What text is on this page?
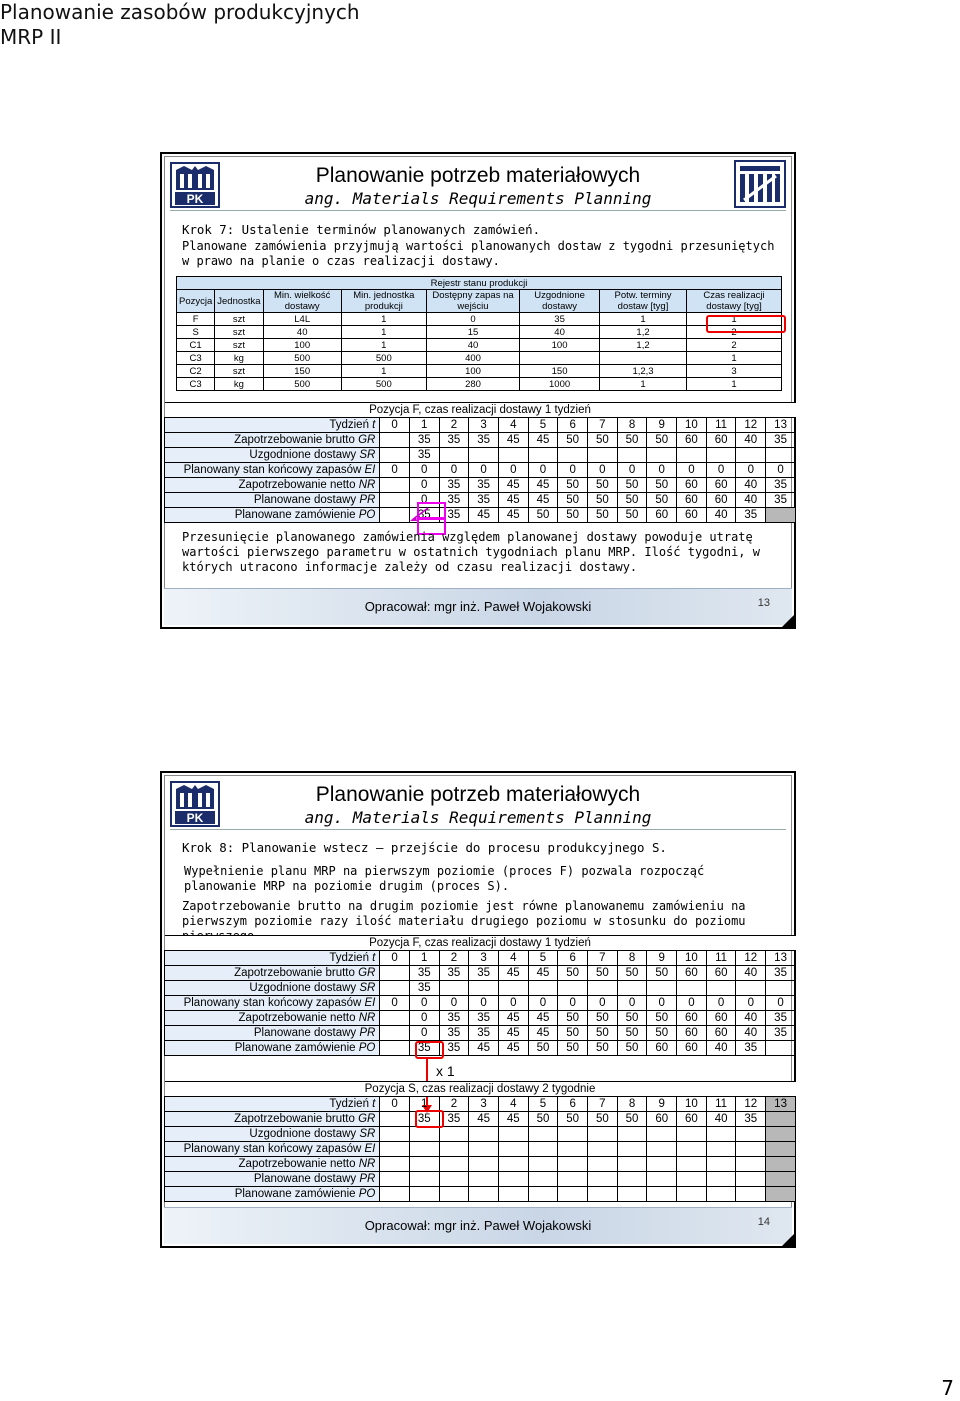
Planowanie zasobów produkcyjnych
MRP II
PK
Planowanie potrzeb materiałowych
ang. Materials Requirements Planning
Krok 7: Ustalenie terminów planowanych zamówień.
Planowane zamówienia przyjmują wartości planowanych dostaw z tygodni przesuniętych w prawo na planie o czas realizacji dostawy.
Rejestr stanu produkcji							
Pozycja	Jednostka	Min. wielkość dostawy	Min. jednostka produkcji	Dostępny zapas na wejściu	Uzgodnione dostawy	Potw. terminy dostaw [tyg]	Czas realizacji dostawy [tyg]
F	szt	L4L	1	0	35	1	1
S	szt	40	1	15	40	1,2	2
C1	szt	100	1	40	100	1,2	2
C3	kg	500	500	400			1
C2	szt	150	1	100	150	1,2,3	3
C3	kg	500	500	280	1000	1	1
Pozycja F, czas realizacji dostawy 1 tydzień														
Tydzień t	0	1	2	3	4	5	6	7	8	9	10	11	12	13
Zapotrzebowanie brutto GR		35	35	35	45	45	50	50	50	50	60	60	40	35
Uzgodnione dostawy SR		35												
Planowany stan końcowy zapasów EI	0	0	0	0	0	0	0	0	0	0	0	0	0	0
Zapotrzebowanie netto NR		0	35	35	45	45	50	50	50	50	60	60	40	35
Planowane dostawy PR		0	35	35	45	45	50	50	50	50	60	60	40	35
Planowane zamówienie PO		35	35	45	45	50	50	50	50	60	60	40	35	
Przesunięcie planowanego zamówienia względem planowanej dostawy powoduje utratę wartości pierwszego parametru w ostatnich tygodniach planu MRP. Ilość tygodni, w których utracono informacje zależy od czasu realizacji dostawy.
Opracował: mgr inż. Paweł Wojakowski	13
PK
Planowanie potrzeb materiałowych
ang. Materials Requirements Planning
Krok 8: Planowanie wstecz – przejście do procesu produkcyjnego S.
Wypełnienie planu MRP na pierwszym poziomie (proces F) pozwala rozpocząć planowanie MRP na poziomie drugim (proces S).
Zapotrzebowanie brutto na drugim poziomie jest równe planowanemu zamówieniu na pierwszym poziomie razy ilość materiału drugiego poziomu w stosunku do poziomu
Pozycja F, czas realizacji dostawy 1 tydzień														
Tydzień t	0	1	2	3	4	5	6	7	8	9	10	11	12	13
Zapotrzebowanie brutto GR		35	35	35	45	45	50	50	50	50	60	60	40	35
Uzgodnione dostawy SR		35												
Planowany stan końcowy zapasów EI	0	0	0	0	0	0	0	0	0	0	0	0	0	0
Zapotrzebowanie netto NR		0	35	35	45	45	50	50	50	50	60	60	40	35
Planowane dostawy PR		0	35	35	45	45	50	50	50	50	60	60	40	35
Planowane zamówienie PO		35	35	45	45	50	50	50	50	60	60	40	35	
x 1
Pozycja S, czas realizacji dostawy 2 tygodnie														
Tydzień t	0	1	2	3	4	5	6	7	8	9	10	11	12	13
Zapotrzebowanie brutto GR		35	35	45	45	50	50	50	50	60	60	40	35	
Uzgodnione dostawy SR														
Planowany stan końcowy zapasów EI														
Zapotrzebowanie netto NR														
Planowane dostawy PR														
Planowane zamówienie PO														
Opracował: mgr inż. Paweł Wojakowski	14
7
